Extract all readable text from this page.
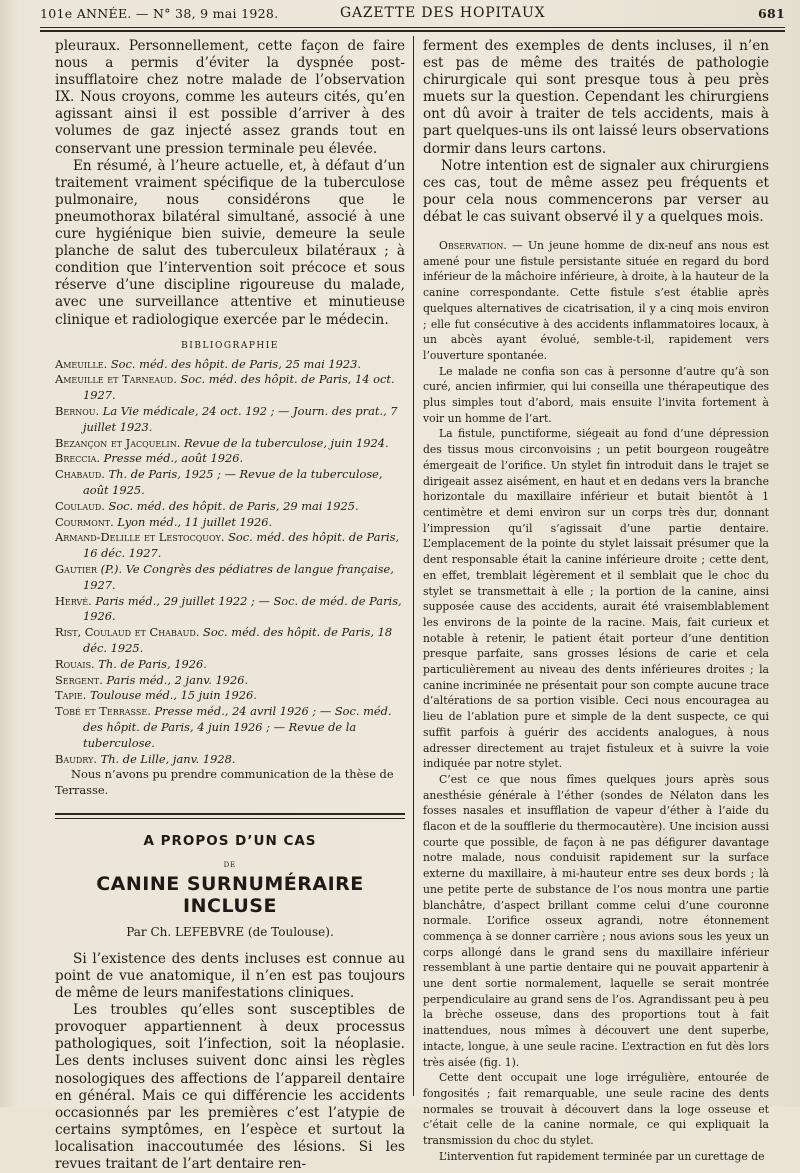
101e ANNÉE. — N° 38, 9 mai 1928.	GAZETTE DES HOPITAUX	681

pleuraux. Personnellement, cette façon de faire nous a permis d’éviter la dyspnée post-insufflatoire chez notre malade de l’observation IX. Nous croyons, comme les auteurs cités, qu’en agissant ainsi il est possible d’arriver à des volumes de gaz injecté assez grands tout en conservant une pression terminale peu élevée.

En résumé, à l’heure actuelle, et, à défaut d’un traitement vraiment spécifique de la tuberculose pulmonaire, nous considérons que le pneumothorax bilatéral simultané, associé à une cure hygiénique bien suivie, demeure la seule planche de salut des tuberculeux bilatéraux ; à condition que l’intervention soit précoce et sous réserve d’une discipline rigoureuse du malade, avec une surveillance attentive et minutieuse clinique et radiologique exercée par le médecin.

BIBLIOGRAPHIE

Ameuille. Soc. méd. des hôpit. de Paris, 25 mai 1923.

Ameuille et Tarneaud. Soc. méd. des hôpit. de Paris, 14 oct. 1927.

Bernou. La Vie médicale, 24 oct. 192 ; — Journ. des prat., 7 juillet 1923.

Bezançon et Jacquelin. Revue de la tuberculose, juin 1924.

Breccia. Presse méd., août 1926.

Chabaud. Th. de Paris, 1925 ; — Revue de la tuberculose, août 1925.

Coulaud. Soc. méd. des hôpit. de Paris, 29 mai 1925.

Courmont. Lyon méd., 11 juillet 1926.

Armand-Delille et Lestocquoy. Soc. méd. des hôpit. de Paris, 16 déc. 1927.

Gautier (P.). Ve Congrès des pédiatres de langue française, 1927.

Hervé. Paris méd., 29 juillet 1922 ; — Soc. de méd. de Paris, 1926.

Rist, Coulaud et Chabaud. Soc. méd. des hôpit. de Paris, 18 déc. 1925.

Rouais. Th. de Paris, 1926.

Sergent. Paris méd., 2 janv. 1926.

Tapie. Toulouse méd., 15 juin 1926.

Tobé et Terrasse. Presse méd., 24 avril 1926 ; — Soc. méd. des hôpit. de Paris, 4 juin 1926 ; — Revue de la tuberculose.

Baudry. Th. de Lille, janv. 1928.

Nous n’avons pu prendre communication de la thèse de Terrasse.

A PROPOS D’UN CAS
DE
CANINE SURNUMÉRAIRE INCLUSE
Par Ch. LEFEBVRE (de Toulouse).

Si l’existence des dents incluses est connue au point de vue anatomique, il n’en est pas toujours de même de leurs manifestations cliniques.

Les troubles qu’elles sont susceptibles de provoquer appartiennent à deux processus pathologiques, soit l’infection, soit la néoplasie. Les dents incluses suivent donc ainsi les règles nosologiques des affections de l’appareil dentaire en général. Mais ce qui différencie les accidents occasionnés par les premières c’est l’atypie de certains symptômes, en l’espèce et surtout la localisation inaccoutumée des lésions. Si les revues traitant de l’art dentaire ren-

ferment des exemples de dents incluses, il n’en est pas de même des traités de pathologie chirurgicale qui sont presque tous à peu près muets sur la question. Cependant les chirurgiens ont dû avoir à traiter de tels accidents, mais à part quelques-uns ils ont laissé leurs observations dormir dans leurs cartons.

Notre intention est de signaler aux chirurgiens ces cas, tout de même assez peu fréquents et pour cela nous commencerons par verser au débat le cas suivant observé il y a quelques mois.

Observation. — Un jeune homme de dix-neuf ans nous est amené pour une fistule persistante située en regard du bord inférieur de la mâchoire inférieure, à droite, à la hauteur de la canine correspondante. Cette fistule s’est établie après quelques alternatives de cicatrisation, il y a cinq mois environ ; elle fut consécutive à des accidents inflammatoires locaux, à un abcès ayant évolué, semble-t-il, rapidement vers l’ouverture spontanée.

Le malade ne confia son cas à personne d’autre qu’à son curé, ancien infirmier, qui lui conseilla une thérapeutique des plus simples tout d’abord, mais ensuite l’invita fortement à voir un homme de l’art.

La fistule, punctiforme, siégeait au fond d’une dépression des tissus mous circonvoisins ; un petit bourgeon rougeâtre émergeait de l’orifice. Un stylet fin introduit dans le trajet se dirigeait assez aisément, en haut et en dedans vers la branche horizontale du maxillaire inférieur et butait bientôt à 1 centimètre et demi environ sur un corps très dur, donnant l’impression qu’il s’agissait d’une partie dentaire. L’emplacement de la pointe du stylet laissait présumer que la dent responsable était la canine inférieure droite ; cette dent, en effet, tremblait légèrement et il semblait que le choc du stylet se transmettait à elle ; la portion de la canine, ainsi supposée cause des accidents, aurait été vraisemblablement les environs de la pointe de la racine. Mais, fait curieux et notable à retenir, le patient était porteur d’une dentition presque parfaite, sans grosses lésions de carie et cela particulièrement au niveau des dents inférieures droites ; la canine incriminée ne présentait pour son compte aucune trace d’altérations de sa portion visible. Ceci nous encouragea au lieu de l’ablation pure et simple de la dent suspecte, ce qui suffit parfois à guérir des accidents analogues, à nous adresser directement au trajet fistuleux et à suivre la voie indiquée par notre stylet.

C’est ce que nous fîmes quelques jours après sous anesthésie générale à l’éther (sondes de Nélaton dans les fosses nasales et insufflation de vapeur d’éther à l’aide du flacon et de la soufflerie du thermocautère). Une incision aussi courte que possible, de façon à ne pas défigurer davantage notre malade, nous conduisit rapidement sur la surface externe du maxillaire, à mi-hauteur entre ses deux bords ; là une petite perte de substance de l’os nous montra une partie blanchâtre, d’aspect brillant comme celui d’une couronne normale. L’orifice osseux agrandi, notre étonnement commença à se donner carrière ; nous avions sous les yeux un corps allongé dans le grand sens du maxillaire inférieur ressemblant à une partie dentaire qui ne pouvait appartenir à une dent sortie normalement, laquelle se serait montrée perpendiculaire au grand sens de l’os. Agrandissant peu à peu la brèche osseuse, dans des proportions tout à fait inattendues, nous mîmes à découvert une dent superbe, intacte, longue, à une seule racine. L’extraction en fut dès lors très aisée (fig. 1).

Cette dent occupait une loge irrégulière, entourée de fongosités ; fait remarquable, une seule racine des dents normales se trouvait à découvert dans la loge osseuse et c’était celle de la canine normale, ce qui expliquait la transmission du choc du stylet.

L’intervention fut rapidement terminée par un curettage de
